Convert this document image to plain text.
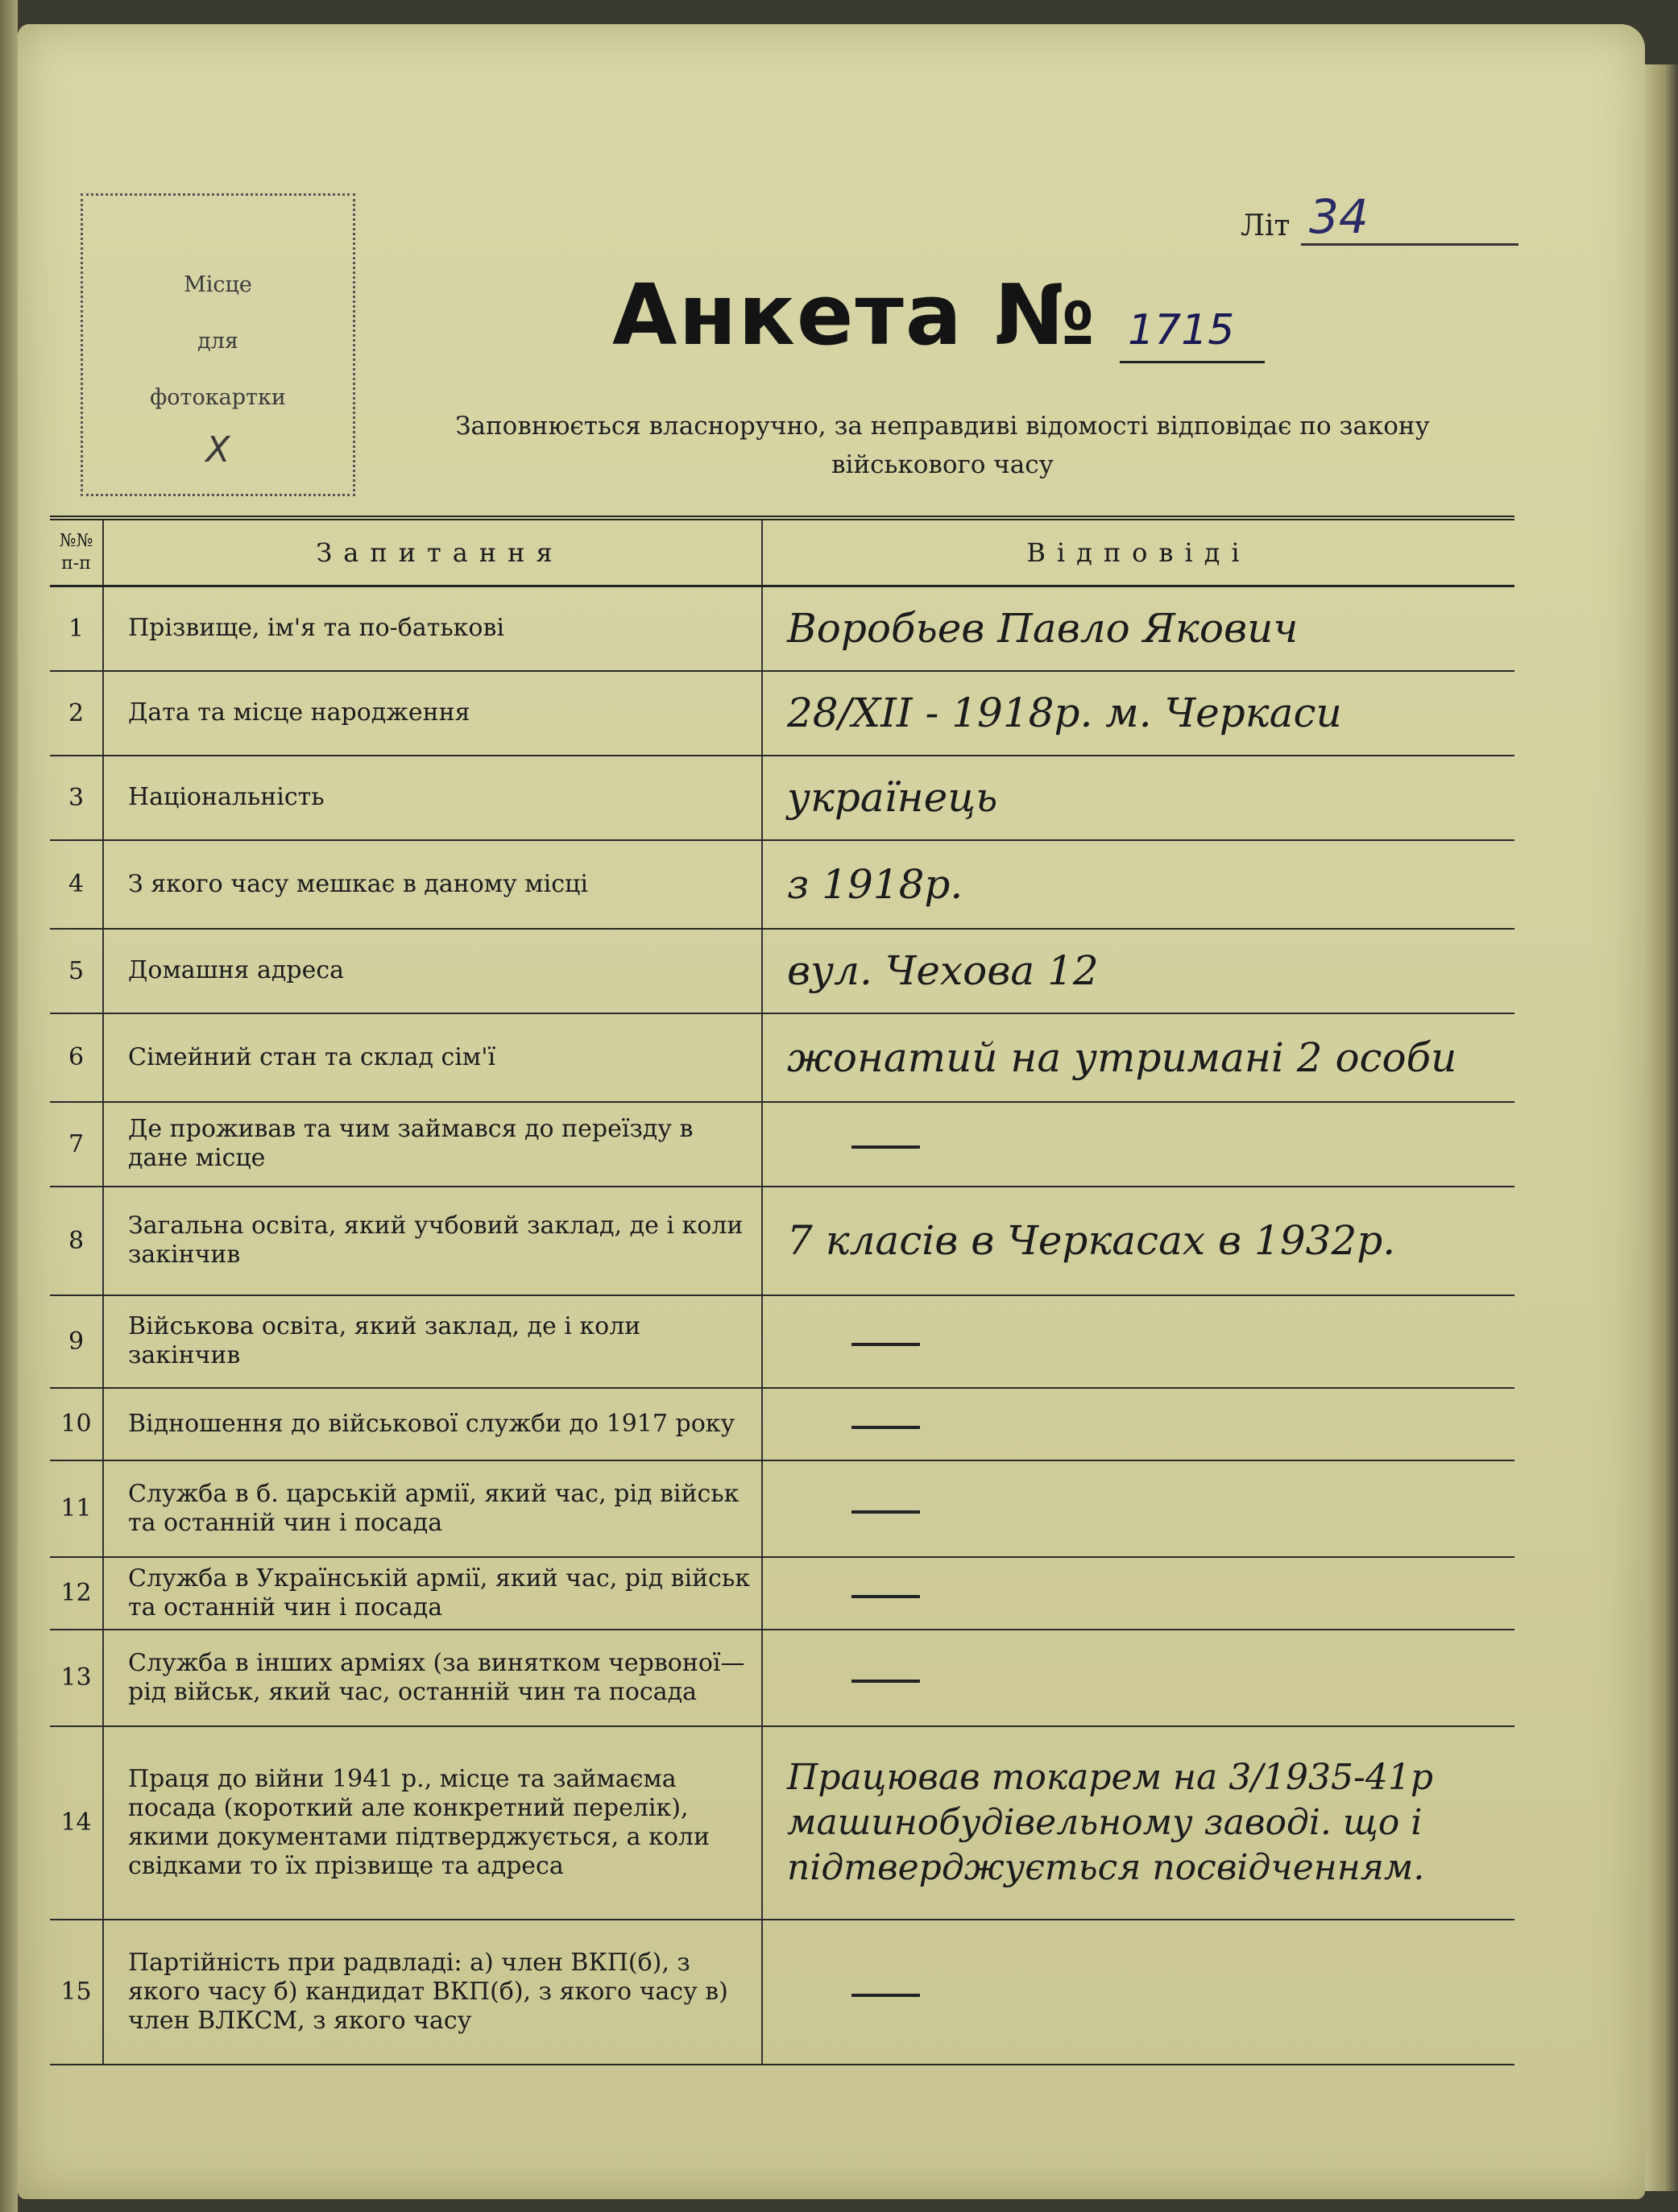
Місце
для
фотокартки
X
Літ 34
Анкета № 1715
Заповнюється власноручно, за неправдиві відомості відповідає по закону
військового часу
№№ п-п	Запитання	Відповіді
1	Прізвище, ім'я та по-батькові	Воробьев Павло Якович
2	Дата та місце народження	28/XII - 1918р. м. Черкаси
3	Національність	українець
4	З якого часу мешкає в даному місці	з 1918р.
5	Домашня адреса	вул. Чехова 12
6	Сімейний стан та склад сім'ї	жонатий на утримані 2 особи
7	Де проживав та чим займався до переїзду в дане місце	
8	Загальна освіта, який учбовий заклад, де і коли закінчив	7 класів в Черкасах в 1932р.
9	Військова освіта, який заклад, де і коли закінчив	
10	Відношення до військової служби до 1917 року	
11	Служба в б. царській армії, який час, рід військ та останній чин і посада	
12	Служба в Українській армії, який час, рід військ та останній чин і посада	
13	Служба в інших арміях (за винятком червоної—рід військ, який час, останній чин та посада	
14	Праця до війни 1941 р., місце та займаєма посада (короткий але конкретний перелік), якими документами підтверджується, а коли свідками то їх прізвище та адреса	Працював токарем на 3/1935-41р машинобудівельному заводі. що і підтверджується посвідченням.
15	Партійність при радвладі: а) член ВКП(б), з якого часу б) кандидат ВКП(б), з якого часу в) член ВЛКСМ, з якого часу	
